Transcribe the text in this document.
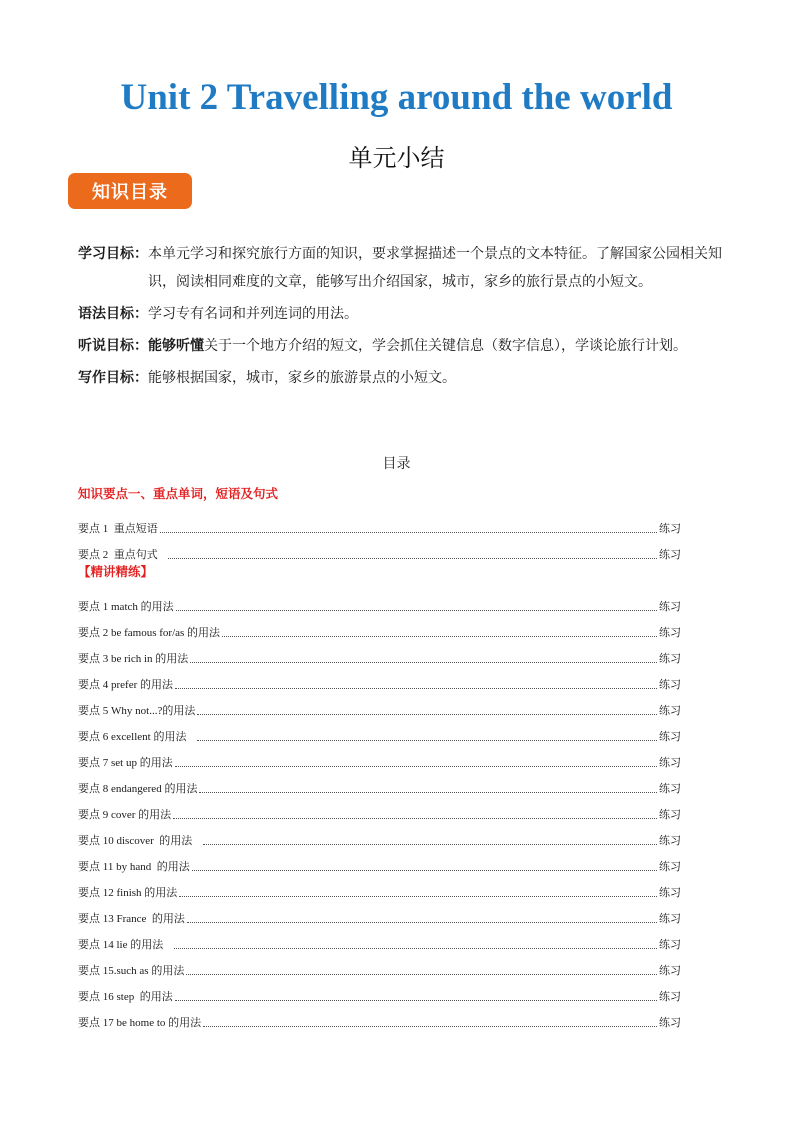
Unit 2 Travelling around the world
单元小结
知识目录
学习目标： 本单元学习和探究旅行方面的知识，要求掌握描述一个景点的文本特征。了解国家公园相关知识，阅读相同难度的文章，能够写出介绍国家，城市，家乡的旅行景点的小短文。
语法目标： 学习专有名词和并列连词的用法。
听说目标： 能够听懂关于一个地方介绍的短文，学会抓住关键信息（数字信息），学谈论旅行计划。
写作目标： 能够根据国家，城市，家乡的旅游景点的小短文。
目录
知识要点一、重点单词，短语及句式
要点 1  重点短语	练习
要点 2  重点句式	练习
【精讲精练】
要点 1 match 的用法	练习
要点 2 be famous for/as 的用法	练习
要点 3 be rich in 的用法	练习
要点 4 prefer 的用法	练习
要点 5 Why not...?的用法	练习
要点 6 excellent 的用法	练习
要点 7 set up 的用法	练习
要点 8 endangered 的用法	练习
要点 9 cover 的用法	练习
要点 10 discover  的用法	练习
要点 11 by hand  的用法	练习
要点 12 finish 的用法	练习
要点 13 France  的用法	练习
要点 14 lie 的用法	练习
要点 15.such as 的用法	练习
要点 16 step  的用法	练习
要点 17 be home to 的用法	练习
